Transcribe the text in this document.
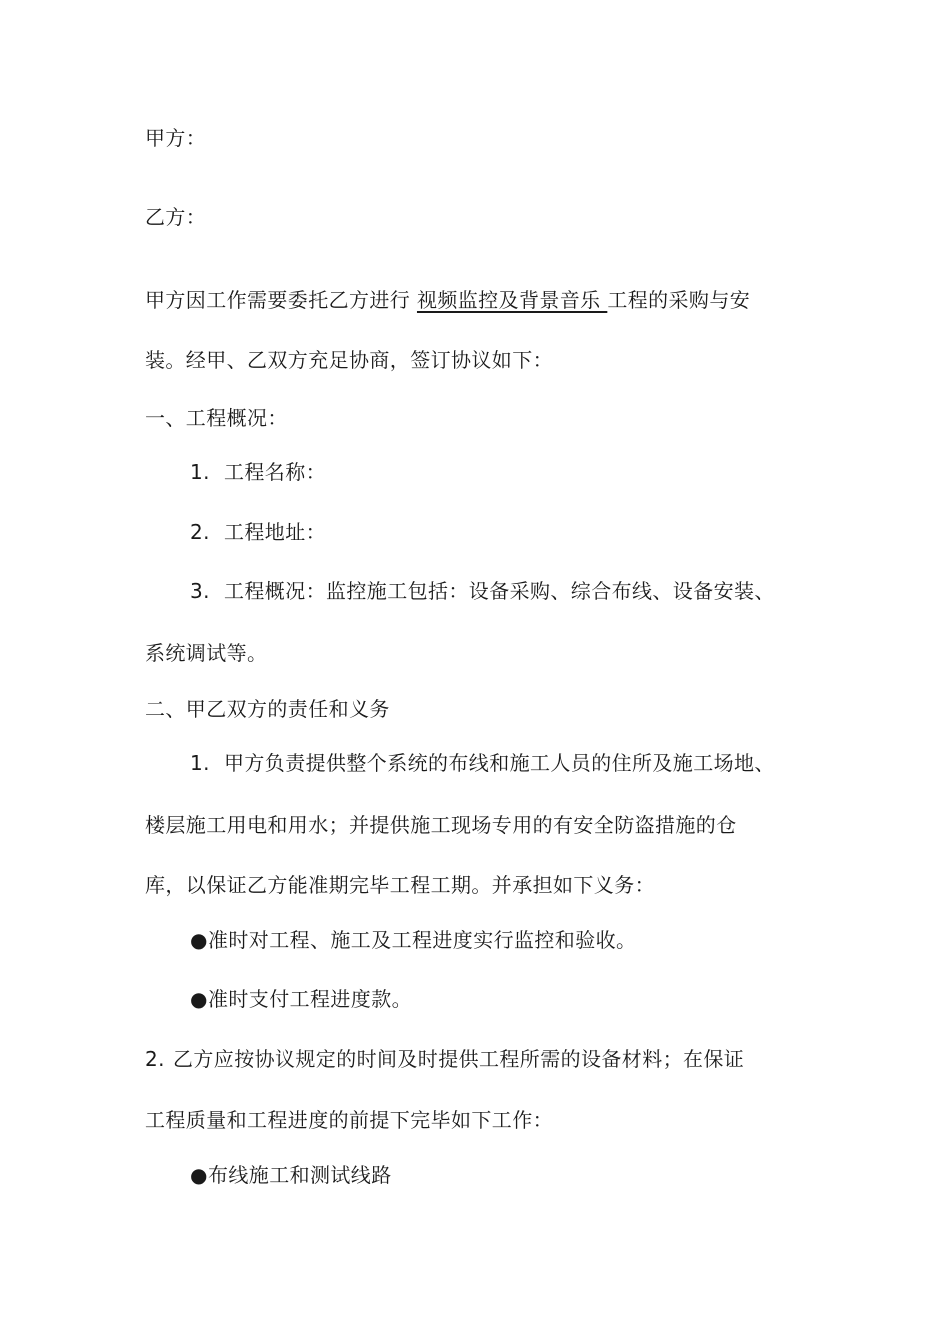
甲方：
乙方：
甲方因工作需要委托乙方进行 视频监控及背景音乐 工程的采购与安
装。经甲、乙双方充足协商，签订协议如下：
一、工程概况：
1. 工程名称：
2. 工程地址：
3. 工程概况：监控施工包括：设备采购、综合布线、设备安装、
系统调试等。
二、甲乙双方的责任和义务
1. 甲方负责提供整个系统的布线和施工人员的住所及施工场地、
楼层施工用电和用水；并提供施工现场专用的有安全防盗措施的仓
库，以保证乙方能准期完毕工程工期。并承担如下义务：
●准时对工程、施工及工程进度实行监控和验收。
●准时支付工程进度款。
2. 乙方应按协议规定的时间及时提供工程所需的设备材料；在保证
工程质量和工程进度的前提下完毕如下工作：
●布线施工和测试线路
